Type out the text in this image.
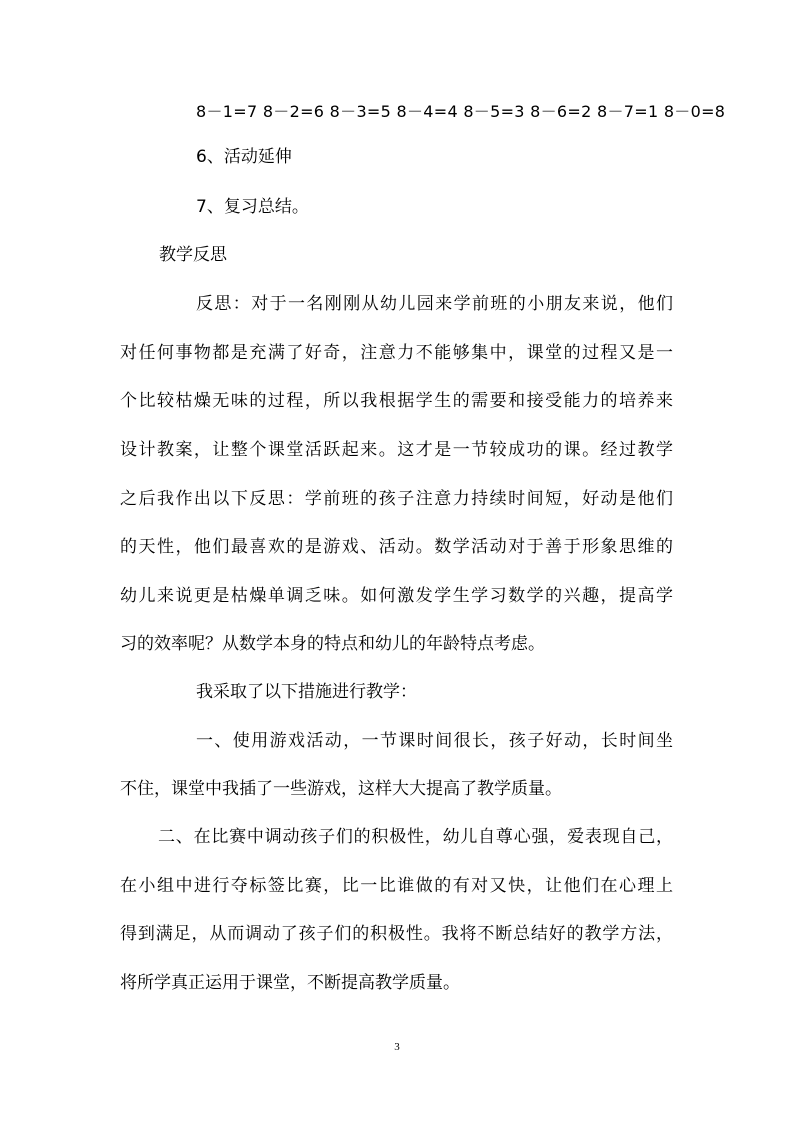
8－1=7 8－2=6 8－3=5 8－4=4 8－5=3 8－6=2 8－7=1 8－0=8
6、活动延伸
7、复习总结。
教学反思
反思：对于一名刚刚从幼儿园来学前班的小朋友来说，他们
对任何事物都是充满了好奇，注意力不能够集中，课堂的过程又是一
个比较枯燥无味的过程，所以我根据学生的需要和接受能力的培养来
设计教案，让整个课堂活跃起来。这才是一节较成功的课。经过教学
之后我作出以下反思：学前班的孩子注意力持续时间短，好动是他们
的天性，他们最喜欢的是游戏、活动。数学活动对于善于形象思维的
幼儿来说更是枯燥单调乏味。如何激发学生学习数学的兴趣，提高学
习的效率呢？从数学本身的特点和幼儿的年龄特点考虑。
我采取了以下措施进行教学：
一、使用游戏活动，一节课时间很长，孩子好动，长时间坐
不住，课堂中我插了一些游戏，这样大大提高了教学质量。
二、在比赛中调动孩子们的积极性，幼儿自尊心强，爱表现自己，
在小组中进行夺标签比赛，比一比谁做的有对又快，让他们在心理上
得到满足，从而调动了孩子们的积极性。我将不断总结好的教学方法，
将所学真正运用于课堂，不断提高教学质量。
3
